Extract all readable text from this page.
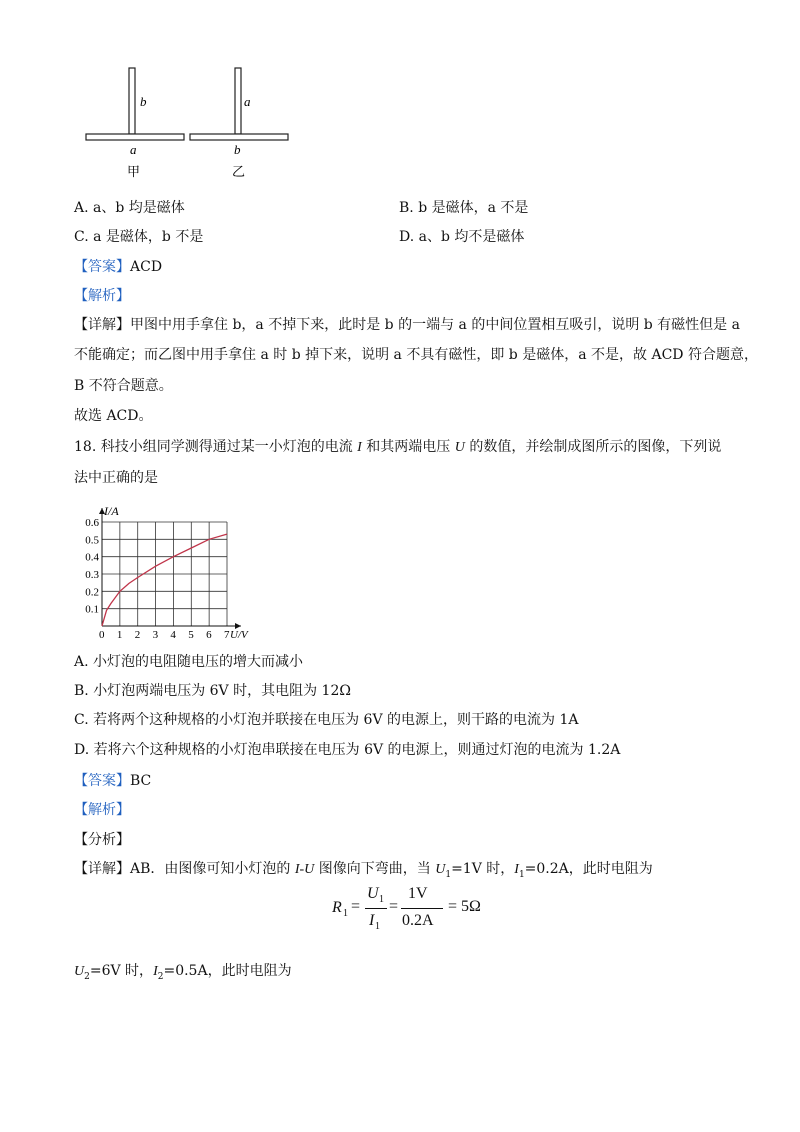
b
a
甲
a
b
乙
A. a、b 均是磁体	B. b 是磁体，a 不是
C. a 是磁体，b 不是	D. a、b 均不是磁体
【答案】ACD
【解析】
【详解】甲图中用手拿住 b，a 不掉下来，此时是 b 的一端与 a 的中间位置相互吸引，说明 b 有磁性但是 a
不能确定；而乙图中用手拿住 a 时 b 掉下来，说明 a 不具有磁性，即 b 是磁体，a 不是，故 ACD 符合题意，
B 不符合题意。
故选 ACD。
18. 科技小组同学测得通过某一小灯泡的电流 I 和其两端电压 U 的数值，并绘制成图所示的图像，下列说
法中正确的是
0 1 2 3 4 5 6 7
0.1
0.2
0.3
0.4
0.5
0.6
I/A
U/V
A. 小灯泡的电阻随电压的增大而减小
B. 小灯泡两端电压为 6V 时，其电阻为 12Ω
C. 若将两个这种规格的小灯泡并联接在电压为 6V 的电源上，则干路的电流为 1A
D. 若将六个这种规格的小灯泡串联接在电压为 6V 的电源上，则通过灯泡的电流为 1.2A
【答案】BC
【解析】
【分析】
【详解】AB．由图像可知小灯泡的 I-U 图像向下弯曲，当 $U_1=1V$ 时，$I_1=0.2A$，此时电阻为
R 1 =
U 1
I 1
=
1V
0.2A
= 5Ω
$U_2=6V$ 时，$I_2=0.5A$，此时电阻为
